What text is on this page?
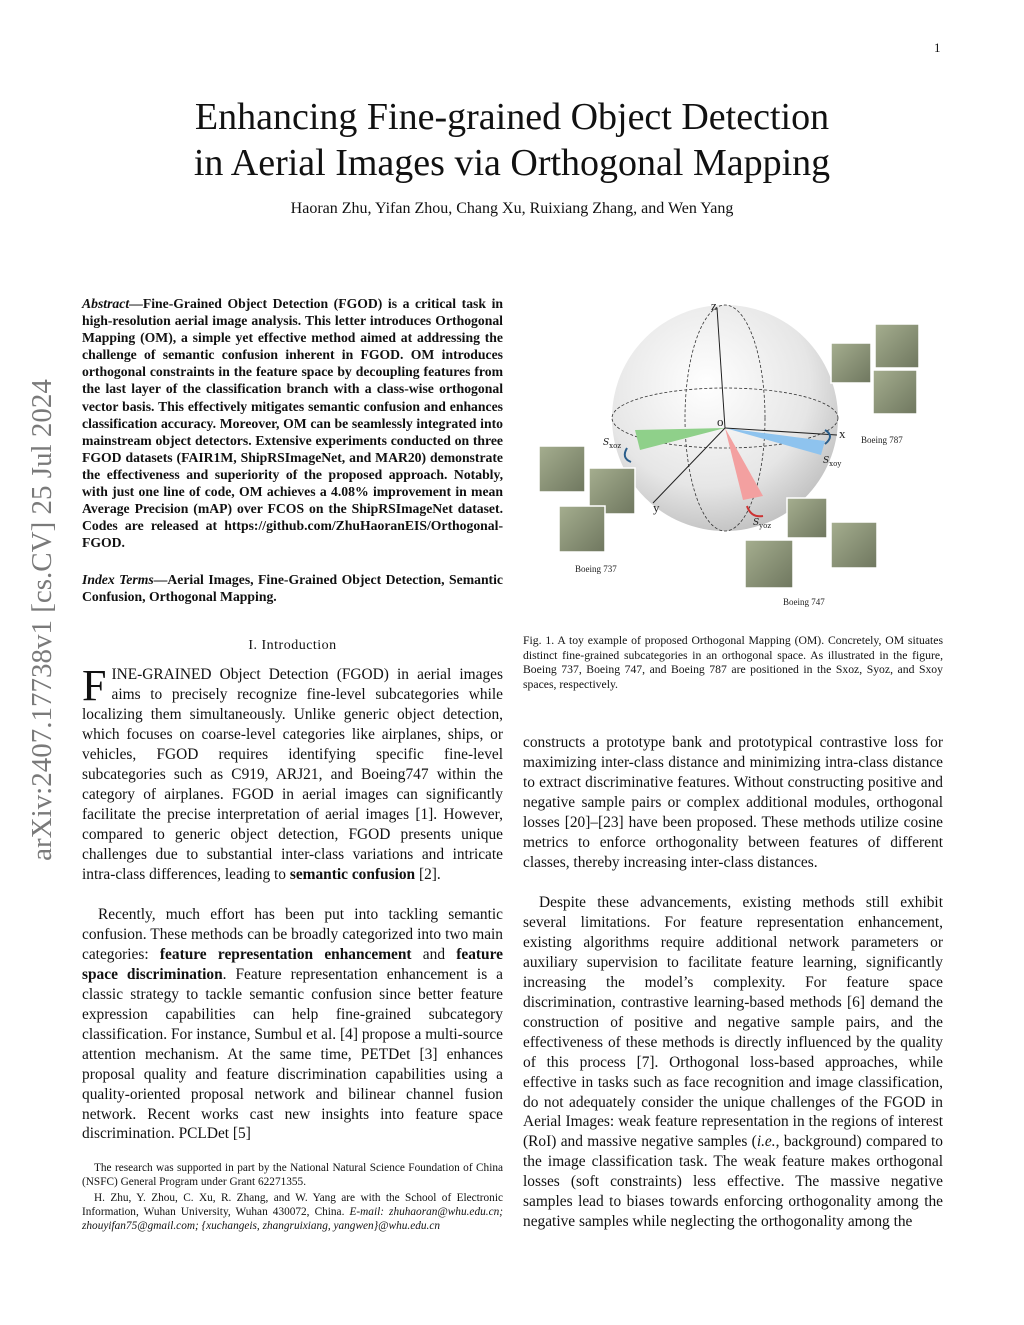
1
arXiv:2407.17738v1 [cs.CV] 25 Jul 2024
Enhancing Fine-grained Object Detection
in Aerial Images via Orthogonal Mapping
Haoran Zhu, Yifan Zhou, Chang Xu, Ruixiang Zhang, and Wen Yang

Abstract—Fine-Grained Object Detection (FGOD) is a critical task in high-resolution aerial image analysis. This letter introduces Orthogonal Mapping (OM), a simple yet effective method aimed at addressing the challenge of semantic confusion inherent in FGOD. OM introduces orthogonal constraints in the feature space by decoupling features from the last layer of the classification branch with a class-wise orthogonal vector basis. This effectively mitigates semantic confusion and enhances classification accuracy. Moreover, OM can be seamlessly integrated into mainstream object detectors. Extensive experiments conducted on three FGOD datasets (FAIR1M, ShipRSImageNet, and MAR20) demonstrate the effectiveness and superiority of the proposed approach. Notably, with just one line of code, OM achieves a 4.08% improvement in mean Average Precision (mAP) over FCOS on the ShipRSImageNet dataset. Codes are released at https://github.com/ZhuHaoranEIS/Orthogonal-FGOD.

Index Terms—Aerial Images, Fine-Grained Object Detection, Semantic Confusion, Orthogonal Mapping.

I. Introduction

FINE-GRAINED Object Detection (FGOD) in aerial images aims to precisely recognize fine-level subcategories while localizing them simultaneously. Unlike generic object detection, which focuses on coarse-level categories like airplanes, ships, or vehicles, FGOD requires identifying specific fine-level subcategories such as C919, ARJ21, and Boeing747 within the category of airplanes. FGOD in aerial images can significantly facilitate the precise interpretation of aerial images [1]. However, compared to generic object detection, FGOD presents unique challenges due to substantial inter-class variations and intricate intra-class differences, leading to semantic confusion [2].

Recently, much effort has been put into tackling semantic confusion. These methods can be broadly categorized into two main categories: feature representation enhancement and feature space discrimination. Feature representation enhancement is a classic strategy to tackle semantic confusion since better feature expression capabilities can help fine-grained subcategory classification. For instance, Sumbul et al. [4] propose a multi-source attention mechanism. At the same time, PETDet [3] enhances proposal quality and feature discrimination capabilities using a quality-oriented proposal network and bilinear channel fusion network. Recent works cast new insights into feature space discrimination. PCLDet [5]

The research was supported in part by the National Natural Science Foundation of China (NSFC) General Program under Grant 62271355.

H. Zhu, Y. Zhou, C. Xu, R. Zhang, and W. Yang are with the School of Electronic Information, Wuhan University, Wuhan 430072, China. E-mail: zhuhaoran@whu.edu.cn; zhouyifan75@gmail.com; {xuchangeis, zhangruixiang, yangwen}@whu.edu.cn

z
x
y
o
$S_{xoz}$
$S_{xoy}$
$S_{yoz}$
Boeing 787
Boeing 737
Boeing 747

Fig. 1. A toy example of proposed Orthogonal Mapping (OM). Concretely, OM situates distinct fine-grained subcategories in an orthogonal space. As illustrated in the figure, Boeing 737, Boeing 747, and Boeing 787 are positioned in the Sxoz, Syoz, and Sxoy spaces, respectively.

constructs a prototype bank and prototypical contrastive loss for maximizing inter-class distance and minimizing intra-class distance to extract discriminative features. Without constructing positive and negative sample pairs or complex additional modules, orthogonal losses [20]–[23] have been proposed. These methods utilize cosine metrics to enforce orthogonality between features of different classes, thereby increasing inter-class distances.

Despite these advancements, existing methods still exhibit several limitations. For feature representation enhancement, existing algorithms require additional network parameters or auxiliary supervision to facilitate feature learning, significantly increasing the model’s complexity. For feature space discrimination, contrastive learning-based methods [6] demand the construction of positive and negative sample pairs, and the effectiveness of these methods is directly influenced by the quality of this process [7]. Orthogonal loss-based approaches, while effective in tasks such as face recognition and image classification, do not adequately consider the unique challenges of the FGOD in Aerial Images: weak feature representation in the regions of interest (RoI) and massive negative samples (i.e., background) compared to the image classification task. The weak feature makes orthogonal losses (soft constraints) less effective. The massive negative samples lead to biases towards enforcing orthogonality among the negative samples while neglecting the orthogonality among the
